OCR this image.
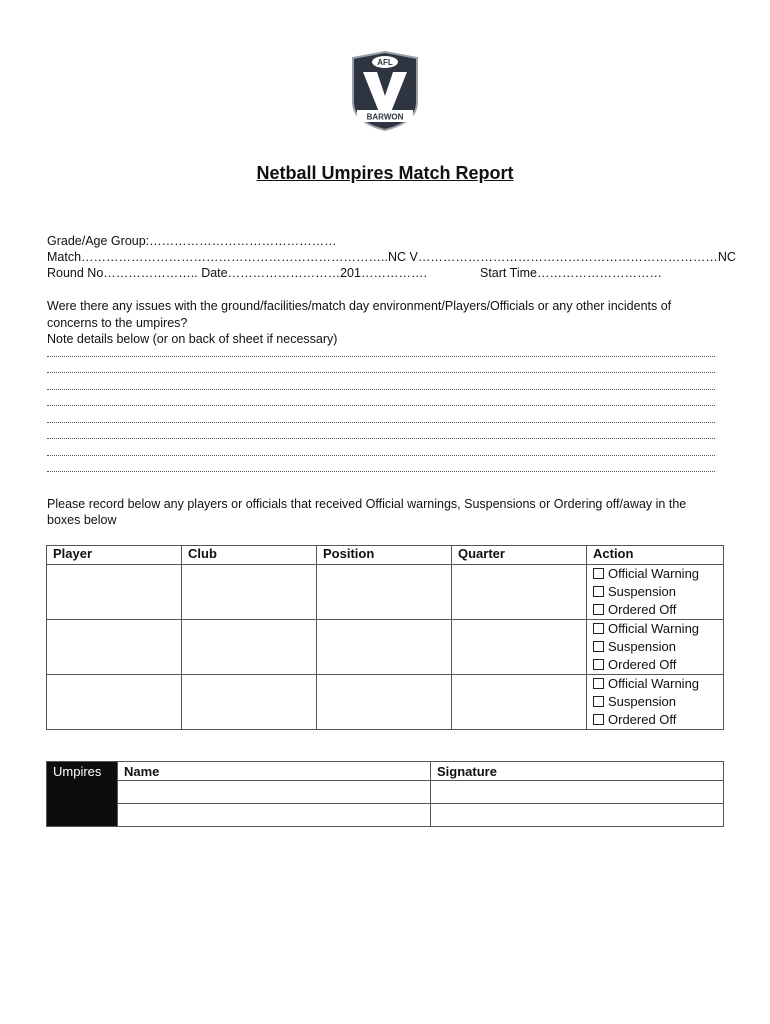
AFL
BARWON
Netball Umpires Match Report
Grade/Age Group:………………………………………
Match………………………………………………………………..NC V………………………………………………………………NC
Round No………………….. Date………………………201…………….	Start Time…………………………
Were there any issues with the ground/facilities/match day environment/Players/Officials or any other incidents of
concerns to the umpires?
Note details below (or on back of sheet if necessary)
Please record below any players or officials that received Official warnings, Suspensions or Ordering off/away in the
boxes below
Player	Club	Position	Quarter	Action

				Official Warning
Suspension
Ordered Off

				Official Warning
Suspension
Ordered Off

				Official Warning
Suspension
Ordered Off
Umpires	Name	Signature
